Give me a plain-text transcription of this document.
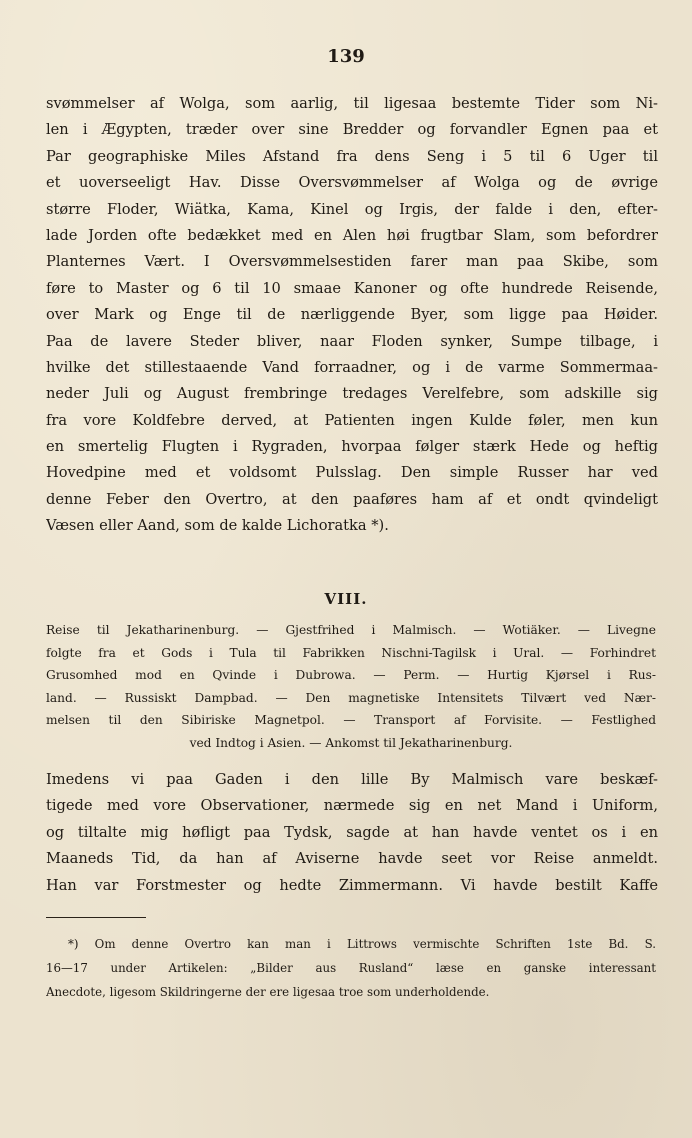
139
svømmelser af Wolga, som aarlig, til ligesaa bestemte Tider som Ni-
len i Ægypten, træder over sine Bredder og forvandler Egnen paa et
Par geographiske Miles Afstand fra dens Seng i 5 til 6 Uger til
et uoverseeligt Hav. Disse Oversvømmelser af Wolga og de øvrige
større Floder, Wiätka, Kama, Kinel og Irgis, der falde i den, efter-
lade Jorden ofte bedækket med en Alen høi frugtbar Slam, som befordrer
Planternes Vært. I Oversvømmelsestiden farer man paa Skibe, som
føre to Master og 6 til 10 smaae Kanoner og ofte hundrede Reisende,
over Mark og Enge til de nærliggende Byer, som ligge paa Høider.
Paa de lavere Steder bliver, naar Floden synker, Sumpe tilbage, i
hvilke det stillestaaende Vand forraadner, og i de varme Sommermaa-
neder Juli og August frembringe tredages Verelfebre, som adskille sig
fra vore Koldfebre derved, at Patienten ingen Kulde føler, men kun
en smertelig Flugten i Rygraden, hvorpaa følger stærk Hede og heftig
Hovedpine med et voldsomt Pulsslag. Den simple Russer har ved
denne Feber den Overtro, at den paaføres ham af et ondt qvindeligt
Væsen eller Aand, som de kalde Lichoratka *).
VIII.
Reise til Jekatharinenburg. — Gjestfrihed i Malmisch. — Wotiäker. — Livegne
folgte fra et Gods i Tula til Fabrikken Nischni-Tagilsk i Ural. — Forhindret
Grusomhed mod en Qvinde i Dubrowa. — Perm. — Hurtig Kjørsel i Rus-
land. — Russiskt Dampbad. — Den magnetiske Intensitets Tilvært ved Nær-
melsen til den Sibiriske Magnetpol. — Transport af Forvisite. — Festlighed
ved Indtog i Asien. — Ankomst til Jekatharinenburg.
Imedens vi paa Gaden i den lille By Malmisch vare beskæf-
tigede med vore Observationer, nærmede sig en net Mand i Uniform,
og tiltalte mig høfligt paa Tydsk, sagde at han havde ventet os i en
Maaneds Tid, da han af Aviserne havde seet vor Reise anmeldt.
Han var Forstmester og hedte Zimmermann. Vi havde bestilt Kaffe
*) Om denne Overtro kan man i Littrows vermischte Schriften 1ste Bd. S.
16—17 under Artikelen: „Bilder aus Rusland“ læse en ganske interessant
Anecdote, ligesom Skildringerne der ere ligesaa troe som underholdende.
